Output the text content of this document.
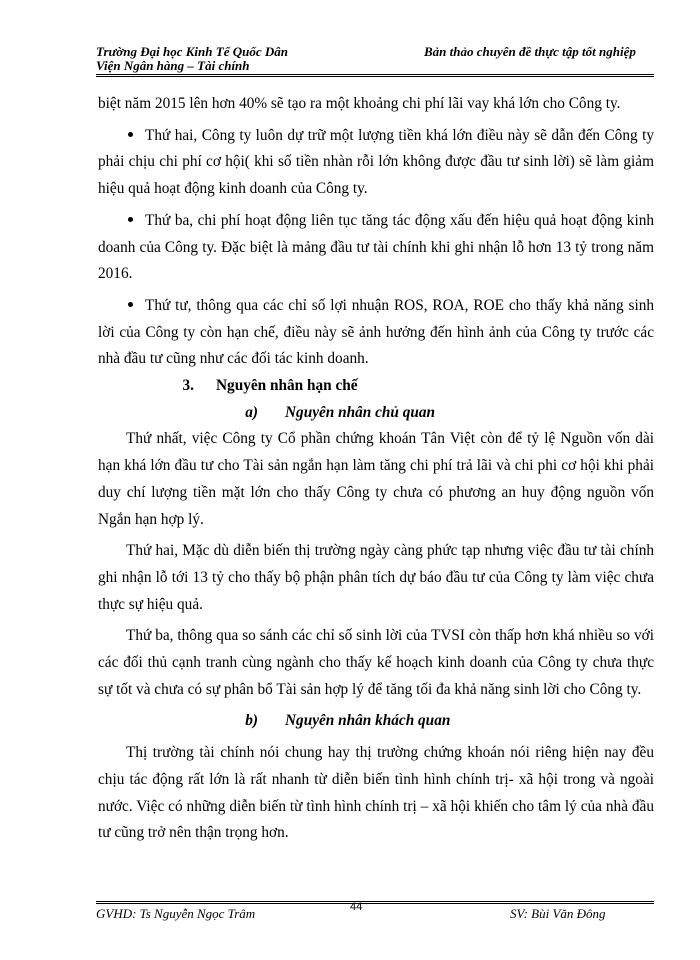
Trường Đại học Kinh Tế Quốc Dân
Viện Ngân hàng – Tài chính
Bản thảo chuyên đề thực tập tốt nghiệp

biệt năm 2015 lên hơn 40% sẽ tạo ra một khoảng chi phí lãi vay khá lớn cho Công ty.

Thứ hai, Công ty luôn dự trữ một lượng tiền khá lớn điều này sẽ dẫn đến Công ty phải chịu chi phí cơ hội( khi số tiền nhàn rỗi lớn không được đầu tư sinh lời) sẽ làm giảm hiệu quả hoạt động kinh doanh của Công ty.

Thứ ba, chi phí hoạt động liên tục tăng tác động xấu đến hiệu quả hoạt động kinh doanh của Công ty. Đặc biệt là mảng đầu tư tài chính khi ghi nhận lỗ hơn 13 tỷ trong năm 2016.

Thứ tư, thông qua các chỉ số lợi nhuận ROS, ROA, ROE cho thấy khả năng sinh lời của Công ty còn hạn chế, điều này sẽ ảnh hưởng đến hình ảnh của Công ty trước các nhà đầu tư cũng như các đối tác kinh doanh.

3. Nguyên nhân hạn chế

a) Nguyên nhân chủ quan

Thứ nhất, việc Công ty Cổ phần chứng khoán Tân Việt còn để tỷ lệ Nguồn vốn dài hạn khá lớn đầu tư cho Tài sản ngắn hạn làm tăng chi phí trả lãi và chi phi cơ hội khi phải duy chí lượng tiền mặt lớn cho thấy Công ty chưa có phương an huy động nguồn vốn Ngắn hạn hợp lý.

Thứ hai, Mặc dù diễn biến thị trường ngày càng phức tạp nhưng việc đầu tư tài chính ghi nhận lỗ tới 13 tỷ cho thấy bộ phận phân tích dự báo đầu tư của Công ty làm việc chưa thực sự hiệu quả.

Thứ ba, thông qua so sánh các chỉ số sinh lời của TVSI còn thấp hơn khá nhiều so với các đối thủ cạnh tranh cùng ngành cho thấy kế hoạch kinh doanh của Công ty chưa thực sự tốt và chưa có sự phân bổ Tài sản hợp lý để tăng tối đa khả năng sinh lời cho Công ty.

b) Nguyên nhân khách quan

Thị trường tài chính nói chung hay thị trường chứng khoán nói riêng hiện nay đều chịu tác động rất lớn là rất nhanh từ diễn biến tình hình chính trị- xã hội trong và ngoài nước. Việc có những diễn biến từ tình hình chính trị – xã hội khiến cho tâm lý của nhà đầu tư cũng trở nên thận trọng hơn.

GVHD: Ts Nguyễn Ngọc Trâm	44	SV: Bùi Văn Đông
